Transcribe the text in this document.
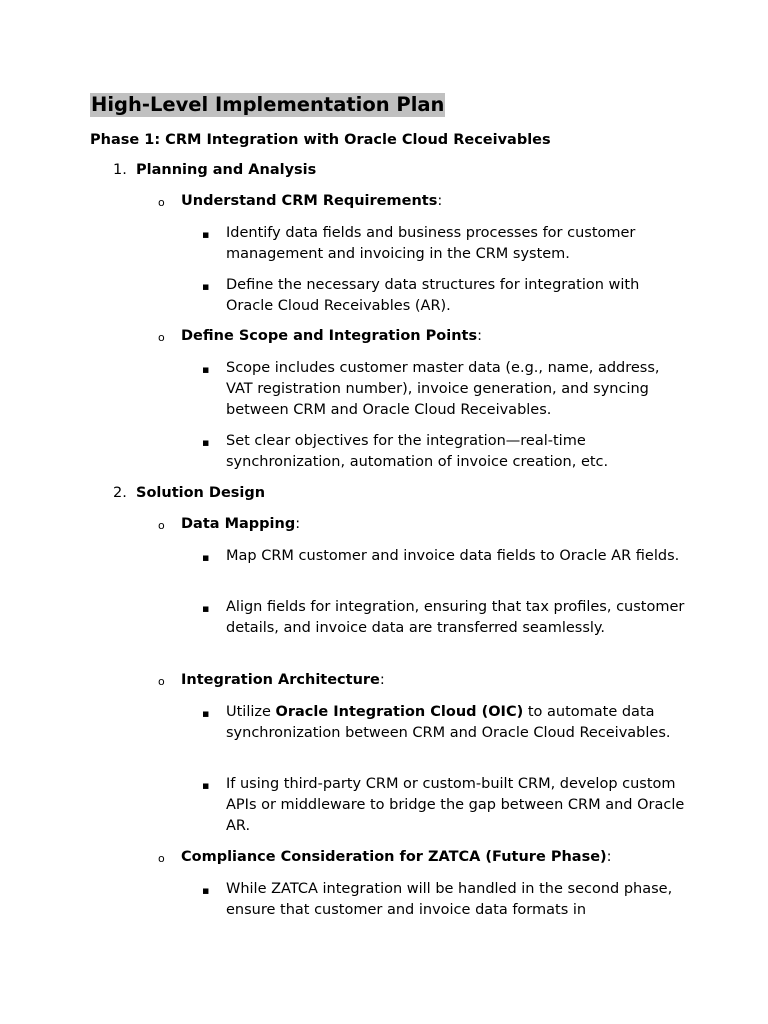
High-Level Implementation Plan
Phase 1: CRM Integration with Oracle Cloud Receivables
1. Planning and Analysis
o Understand CRM Requirements:
▪ Identify data fields and business processes for customer management and invoicing in the CRM system.
▪ Define the necessary data structures for integration with Oracle Cloud Receivables (AR).
o Define Scope and Integration Points:
▪ Scope includes customer master data (e.g., name, address, VAT registration number), invoice generation, and syncing between CRM and Oracle Cloud Receivables.
▪ Set clear objectives for the integration—real-time synchronization, automation of invoice creation, etc.
2. Solution Design
o Data Mapping:
▪ Map CRM customer and invoice data fields to Oracle AR fields.
▪ Align fields for integration, ensuring that tax profiles, customer details, and invoice data are transferred seamlessly.
o Integration Architecture:
▪ Utilize Oracle Integration Cloud (OIC) to automate data synchronization between CRM and Oracle Cloud Receivables.
▪ If using third-party CRM or custom-built CRM, develop custom APIs or middleware to bridge the gap between CRM and Oracle AR.
o Compliance Consideration for ZATCA (Future Phase):
▪ While ZATCA integration will be handled in the second phase, ensure that customer and invoice data formats in
